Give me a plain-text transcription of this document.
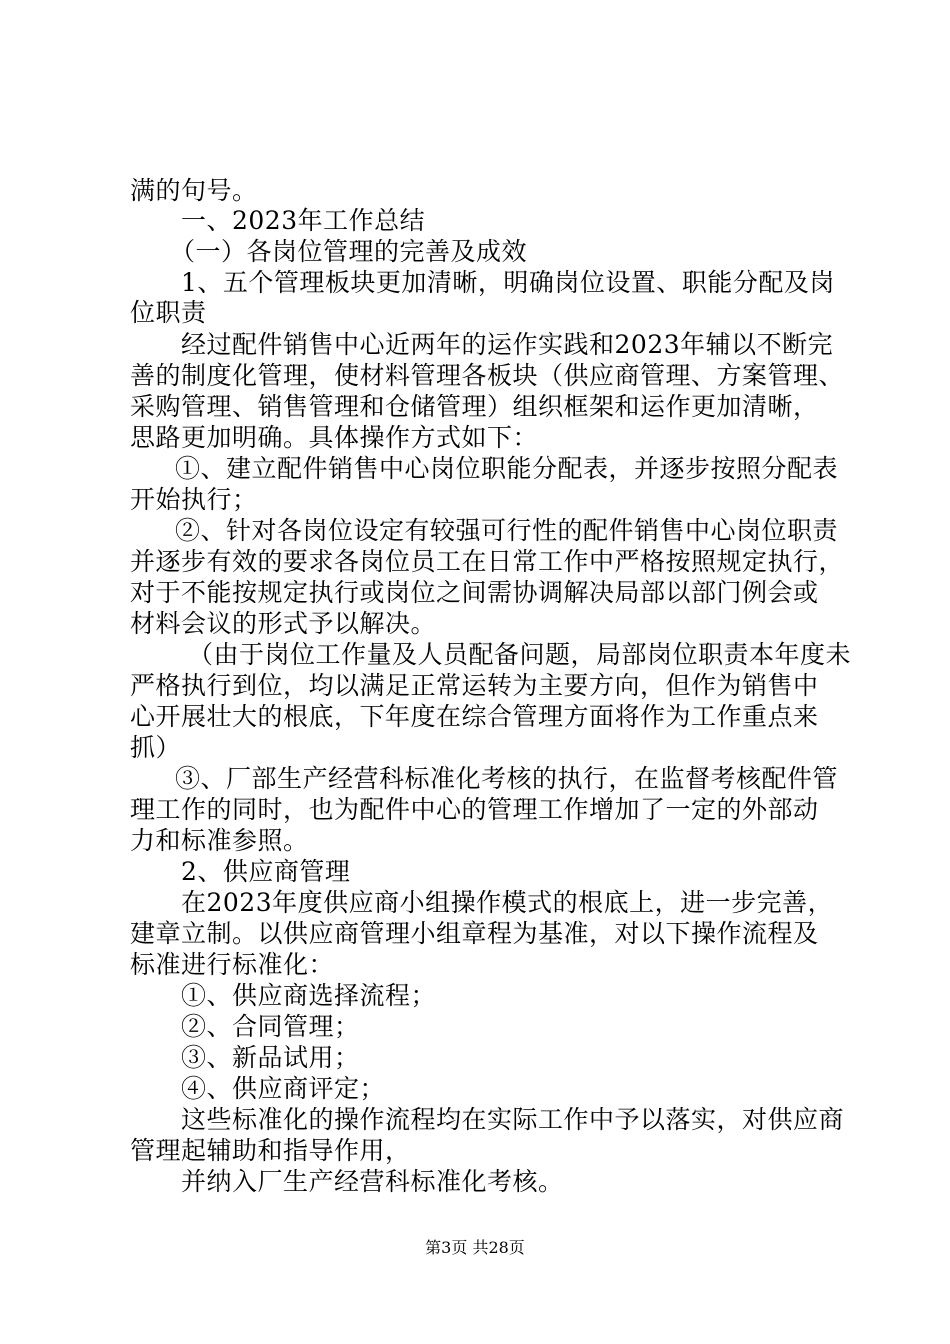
满的句号。
一、2023年工作总结
（一）各岗位管理的完善及成效
1、五个管理板块更加清晰，明确岗位设置、职能分配及岗
位职责
经过配件销售中心近两年的运作实践和2023年辅以不断完
善的制度化管理，使材料管理各板块（供应商管理、方案管理、
采购管理、销售管理和仓储管理）组织框架和运作更加清晰，
思路更加明确。具体操作方式如下：
①、建立配件销售中心岗位职能分配表，并逐步按照分配表
开始执行；
②、针对各岗位设定有较强可行性的配件销售中心岗位职责
并逐步有效的要求各岗位员工在日常工作中严格按照规定执行，
对于不能按规定执行或岗位之间需协调解决局部以部门例会或
材料会议的形式予以解决。
（由于岗位工作量及人员配备问题，局部岗位职责本年度未
严格执行到位，均以满足正常运转为主要方向，但作为销售中
心开展壮大的根底，下年度在综合管理方面将作为工作重点来
抓）
③、厂部生产经营科标准化考核的执行，在监督考核配件管
理工作的同时，也为配件中心的管理工作增加了一定的外部动
力和标准参照。
2、供应商管理
在2023年度供应商小组操作模式的根底上，进一步完善，
建章立制。以供应商管理小组章程为基准，对以下操作流程及
标准进行标准化：
①、供应商选择流程；
②、合同管理；
③、新品试用；
④、供应商评定；
这些标准化的操作流程均在实际工作中予以落实，对供应商
管理起辅助和指导作用，
并纳入厂生产经营科标准化考核。
第3页 共28页
